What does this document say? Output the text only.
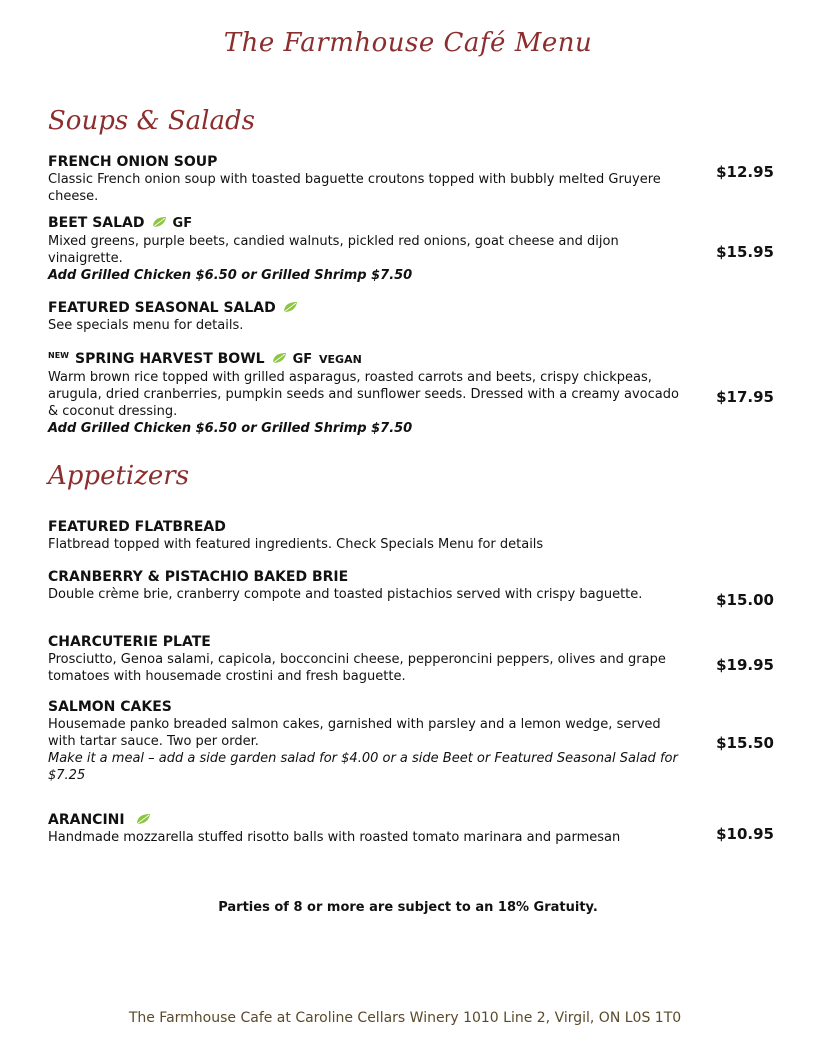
The Farmhouse Café Menu
Soups & Salads
FRENCH ONION SOUP
Classic French onion soup with toasted baguette croutons topped with bubbly melted Gruyere cheese.
$12.95
BEET SALAD GF
Mixed greens, purple beets, candied walnuts, pickled red onions, goat cheese and dijon vinaigrette.
Add Grilled Chicken $6.50 or Grilled Shrimp $7.50
$15.95
FEATURED SEASONAL SALAD
See specials menu for details.
$^{NEW}$ SPRING HARVEST BOWL GF VEGAN
Warm brown rice topped with grilled asparagus, roasted carrots and beets, crispy chickpeas, arugula, dried cranberries, pumpkin seeds and sunflower seeds. Dressed with a creamy avocado & coconut dressing.
Add Grilled Chicken $6.50 or Grilled Shrimp $7.50
$17.95
Appetizers
FEATURED FLATBREAD
Flatbread topped with featured ingredients. Check Specials Menu for details
CRANBERRY & PISTACHIO BAKED BRIE
Double crème brie, cranberry compote and toasted pistachios served with crispy baguette.	$15.00
CHARCUTERIE PLATE
Prosciutto, Genoa salami, capicola, bocconcini cheese, pepperoncini peppers, olives and grape tomatoes with housemade crostini and fresh baguette.
$19.95
SALMON CAKES
Housemade panko breaded salmon cakes, garnished with parsley and a lemon wedge, served with tartar sauce. Two per order.
Make it a meal – add a side garden salad for $4.00 or a side Beet or Featured Seasonal Salad for $7.25
$15.50
ARANCINI
Handmade mozzarella stuffed risotto balls with roasted tomato marinara and parmesan	$10.95
Parties of 8 or more are subject to an 18% Gratuity.
The Farmhouse Cafe at Caroline Cellars Winery 1010 Line 2, Virgil, ON L0S 1T0
